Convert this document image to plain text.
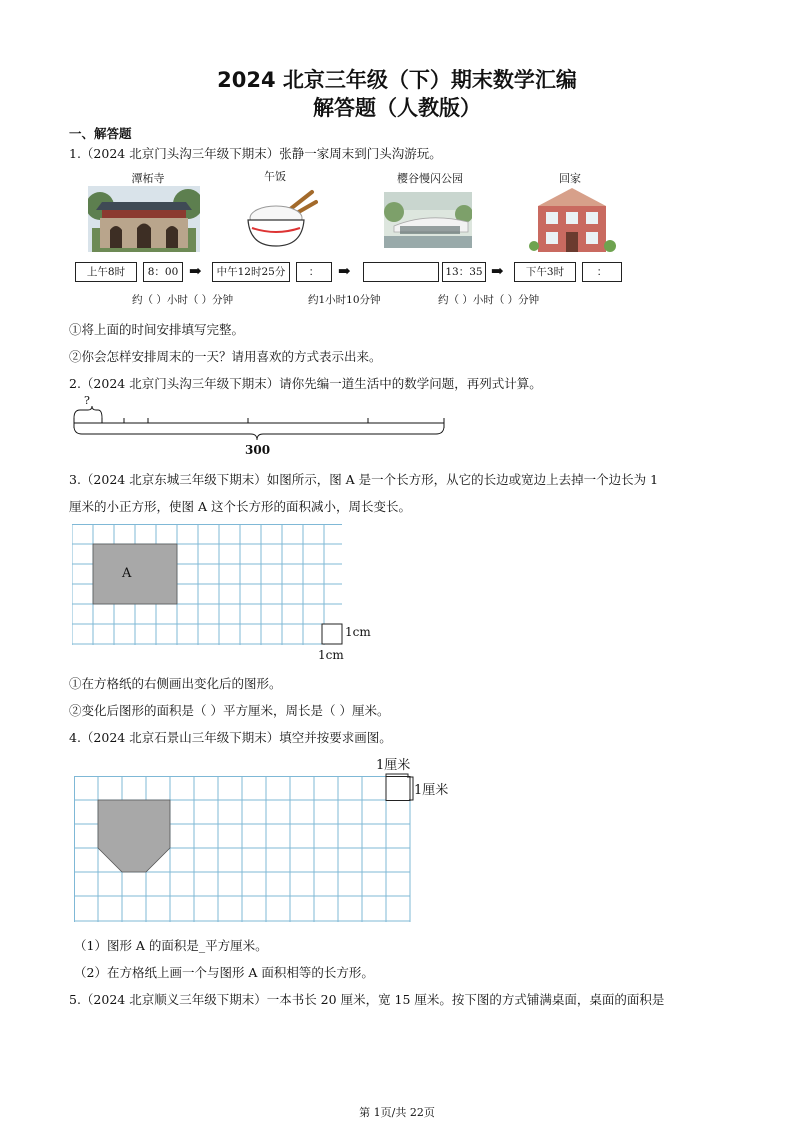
2024 北京三年级（下）期末数学汇编
解答题（人教版）
一、解答题
1.（2024 北京门头沟三年级下期末）张静一家周末到门头沟游玩。
潭柘寺	午饭	樱谷慢闪公园	回家
上午8时	8：00 ➡	中午12时25分	：	➡	13：35 ➡	下午3时	：
约（ ）小时（ ）分钟	约1小时10分钟	约（ ）小时（ ）分钟
①将上面的时间安排填写完整。
②你会怎样安排周末的一天？请用喜欢的方式表示出来。
2.（2024 北京门头沟三年级下期末）请你先编一道生活中的数学问题，再列式计算。
?
300
3.（2024 北京东城三年级下期末）如图所示，图 A 是一个长方形，从它的长边或宽边上去掉一个边长为 1
厘米的小正方形，使图 A 这个长方形的面积减小，周长变长。
A
1cm
1cm
①在方格纸的右侧画出变化后的图形。
②变化后图形的面积是（ ）平方厘米，周长是（ ）厘米。
4.（2024 北京石景山三年级下期末）填空并按要求画图。
1厘米
1厘米
（1）图形 A 的面积是_平方厘米。
（2）在方格纸上画一个与图形 A 面积相等的长方形。
5.（2024 北京顺义三年级下期末）一本书长 20 厘米，宽 15 厘米。按下图的方式铺满桌面，桌面的面积是
第 1页/共 22页
